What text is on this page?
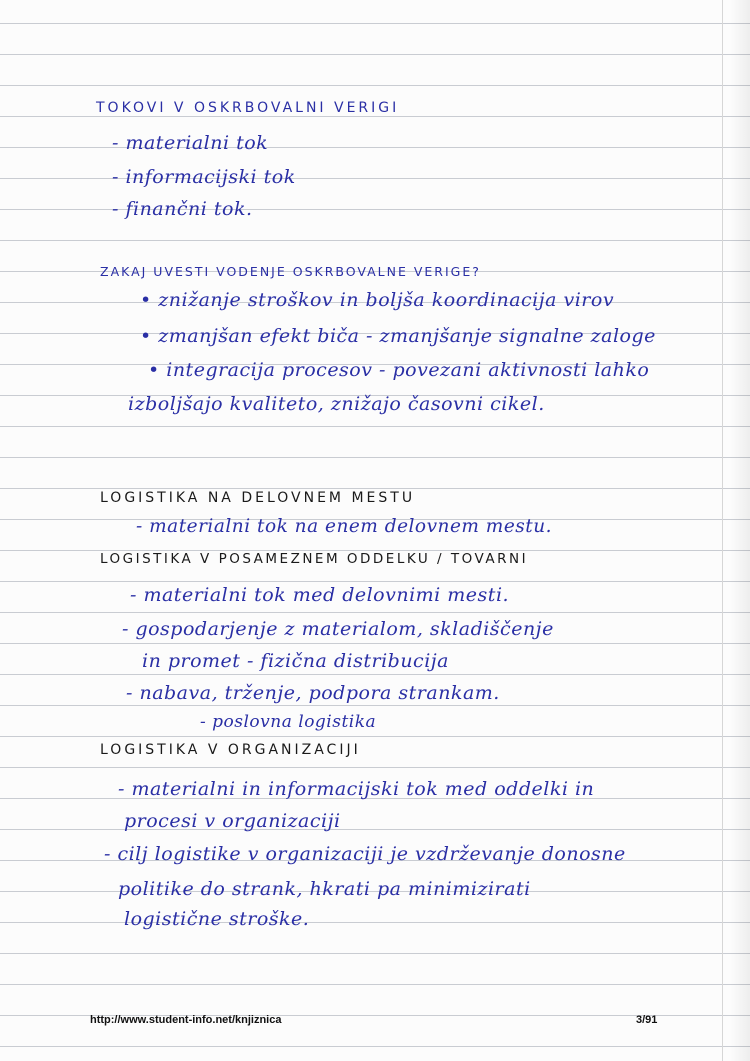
TOKOVI V OSKRBOVALNI VERIGI
- materialni tok
- informacijski tok
- finančni tok.
ZAKAJ UVESTI VODENJE OSKRBOVALNE VERIGE?
• znižanje stroškov in boljša koordinacija virov
• zmanjšan efekt biča - zmanjšanje signalne zaloge
• integracija procesov - povezani aktivnosti lahko
izboljšajo kvaliteto, znižajo časovni cikel.
LOGISTIKA NA DELOVNEM MESTU
- materialni tok na enem delovnem mestu.
LOGISTIKA V POSAMEZNEM ODDELKU / TOVARNI
- materialni tok med delovnimi mesti.
- gospodarjenje z materialom, skladiščenje
in promet - fizična distribucija
- nabava, trženje, podpora strankam.
- poslovna logistika
LOGISTIKA V ORGANIZACIJI
- materialni in informacijski tok med oddelki in
procesi v organizaciji
- cilj logistike v organizaciji je vzdrževanje donosne
politike do strank, hkrati pa minimizirati
logistične stroške.
http://www.student-info.net/knjiznica	3/91
